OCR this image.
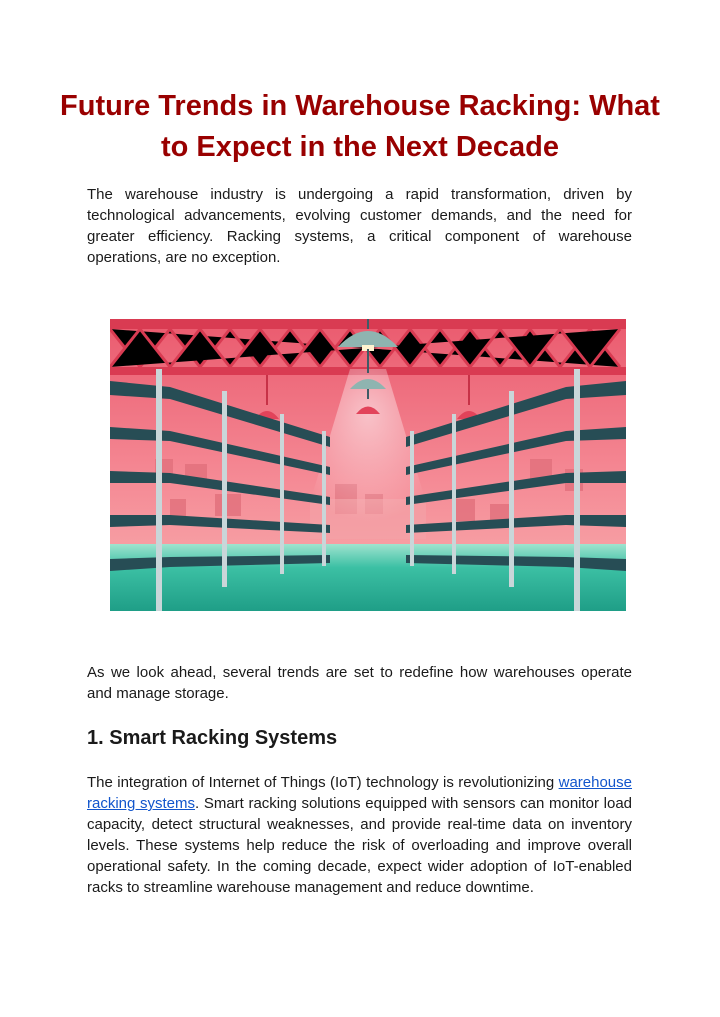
Future Trends in Warehouse Racking: What to Expect in the Next Decade

The warehouse industry is undergoing a rapid transformation, driven by technological advancements, evolving customer demands, and the need for greater efficiency. Racking systems, a critical component of warehouse operations, are no exception.

As we look ahead, several trends are set to redefine how warehouses operate and manage storage.

1. Smart Racking Systems

The integration of Internet of Things (IoT) technology is revolutionizing warehouse racking systems. Smart racking solutions equipped with sensors can monitor load capacity, detect structural weaknesses, and provide real-time data on inventory levels. These systems help reduce the risk of overloading and improve overall operational safety. In the coming decade, expect wider adoption of IoT-enabled racks to streamline warehouse management and reduce downtime.
